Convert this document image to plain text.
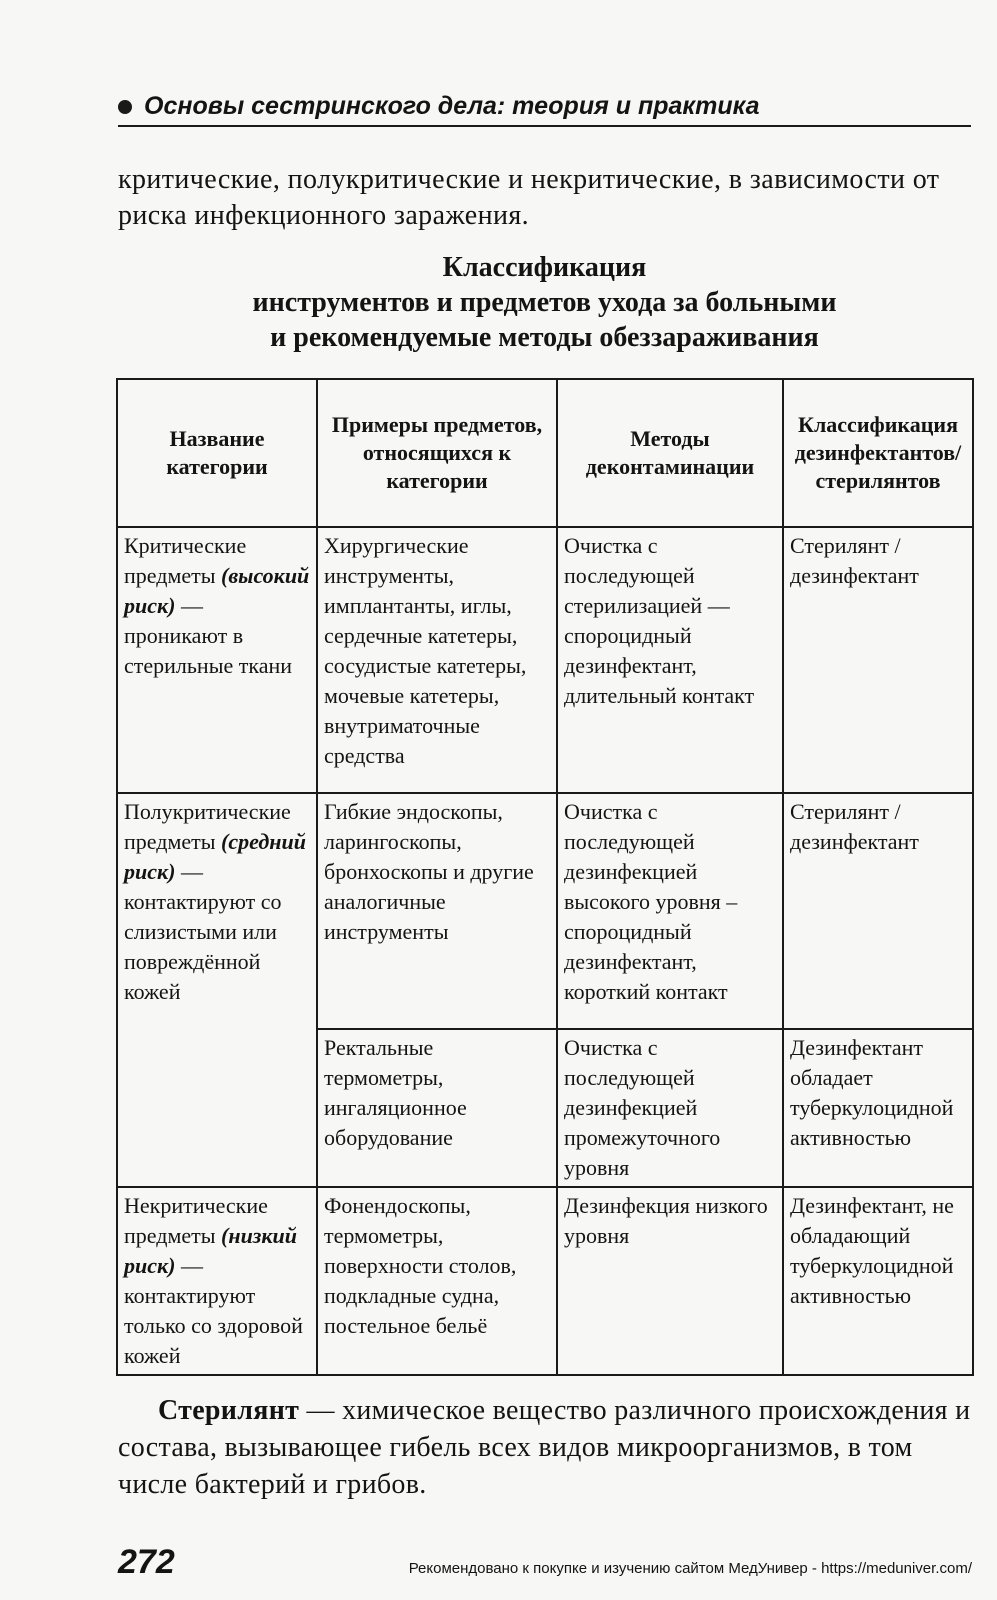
Основы сестринского дела: теория и практика
критические, полукритические и некритические, в зависимости от риска инфекционного заражения.
Классификация
инструментов и предметов ухода за больными
и рекомендуемые методы обеззараживания
Название категории	Примеры предметов, относящихся к категории	Методы деконтаминации	Классификация дезинфектантов/ стерилянтов
Критические предметы (высокий риск) — проникают в стерильные ткани	Хирургические инструменты, имплантанты, иглы, сердечные катетеры, сосудистые катетеры, мочевые катетеры, внутриматочные средства	Очистка с последующей стерилизацией — спороцидный дезинфектант, длительный контакт	Стерилянт / дезинфектант
Полукритические предметы (средний риск) — контактируют со слизистыми или повреждённой кожей	Гибкие эндоскопы, ларингоскопы, бронхоскопы и другие аналогичные инструменты	Очистка с последующей дезинфекцией высокого уровня – спороцидный дезинфектант, короткий контакт	Стерилянт / дезинфектант
	Ректальные термометры, ингаляционное оборудование	Очистка с последующей дезинфекцией промежуточного уровня	Дезинфектант обладает туберкулоцидной активностью
Некритические предметы (низкий риск) — контактируют только со здоровой кожей	Фонендоскопы, термометры, поверхности столов, подкладные судна, постельное бельё	Дезинфекция низкого уровня	Дезинфектант, не обладающий туберкулоцидной активностью
Стерилянт — химическое вещество различного происхождения и состава, вызывающее гибель всех видов микроорганизмов, в том числе бактерий и грибов.
272	Рекомендовано к покупке и изучению сайтом МедУнивер - https://meduniver.com/
